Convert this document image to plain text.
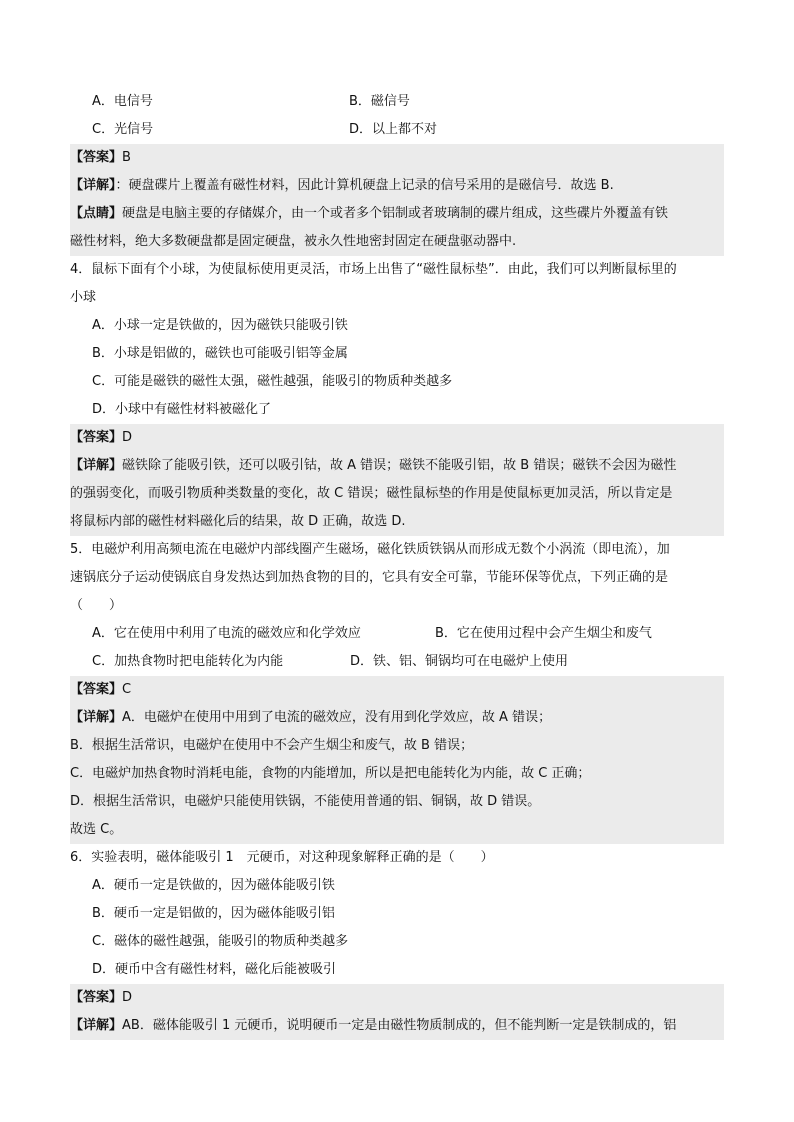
A．电信号	B．磁信号
C．光信号	D．以上都不对
【答案】B
【详解】：硬盘碟片上覆盖有磁性材料，因此计算机硬盘上记录的信号采用的是磁信号．故选 B.
【点睛】硬盘是电脑主要的存储媒介，由一个或者多个铝制或者玻璃制的碟片组成，这些碟片外覆盖有铁
磁性材料，绝大多数硬盘都是固定硬盘，被永久性地密封固定在硬盘驱动器中.
4．鼠标下面有个小球，为使鼠标使用更灵活，市场上出售了“磁性鼠标垫”．由此，我们可以判断鼠标里的
小球
A．小球一定是铁做的，因为磁铁只能吸引铁
B．小球是铝做的，磁铁也可能吸引铝等金属
C．可能是磁铁的磁性太强，磁性越强，能吸引的物质种类越多
D．小球中有磁性材料被磁化了
【答案】D
【详解】磁铁除了能吸引铁，还可以吸引钴，故 A 错误；磁铁不能吸引铝，故 B 错误；磁铁不会因为磁性
的强弱变化，而吸引物质种类数量的变化，故 C 错误；磁性鼠标垫的作用是使鼠标更加灵活，所以肯定是
将鼠标内部的磁性材料磁化后的结果，故 D 正确，故选 D.
5．电磁炉利用高频电流在电磁炉内部线圈产生磁场，磁化铁质铁锅从而形成无数个小涡流（即电流），加
速锅底分子运动使锅底自身发热达到加热食物的目的，它具有安全可靠，节能环保等优点，下列正确的是
（　　）
A．它在使用中利用了电流的磁效应和化学效应	B．它在使用过程中会产生烟尘和废气
C．加热食物时把电能转化为内能	D．铁、铝、铜锅均可在电磁炉上使用
【答案】C
【详解】A．电磁炉在使用中用到了电流的磁效应，没有用到化学效应，故 A 错误；
B．根据生活常识，电磁炉在使用中不会产生烟尘和废气，故 B 错误；
C．电磁炉加热食物时消耗电能，食物的内能增加，所以是把电能转化为内能，故 C 正确；
D．根据生活常识，电磁炉只能使用铁锅，不能使用普通的铝、铜锅，故 D 错误。
故选 C。
6．实验表明，磁体能吸引 1　元硬币，对这种现象解释正确的是（　　）
A．硬币一定是铁做的，因为磁体能吸引铁
B．硬币一定是铝做的，因为磁体能吸引铝
C．磁体的磁性越强，能吸引的物质种类越多
D．硬币中含有磁性材料，磁化后能被吸引
【答案】D
【详解】AB．磁体能吸引 1 元硬币，说明硬币一定是由磁性物质制成的，但不能判断一定是铁制成的，铝
